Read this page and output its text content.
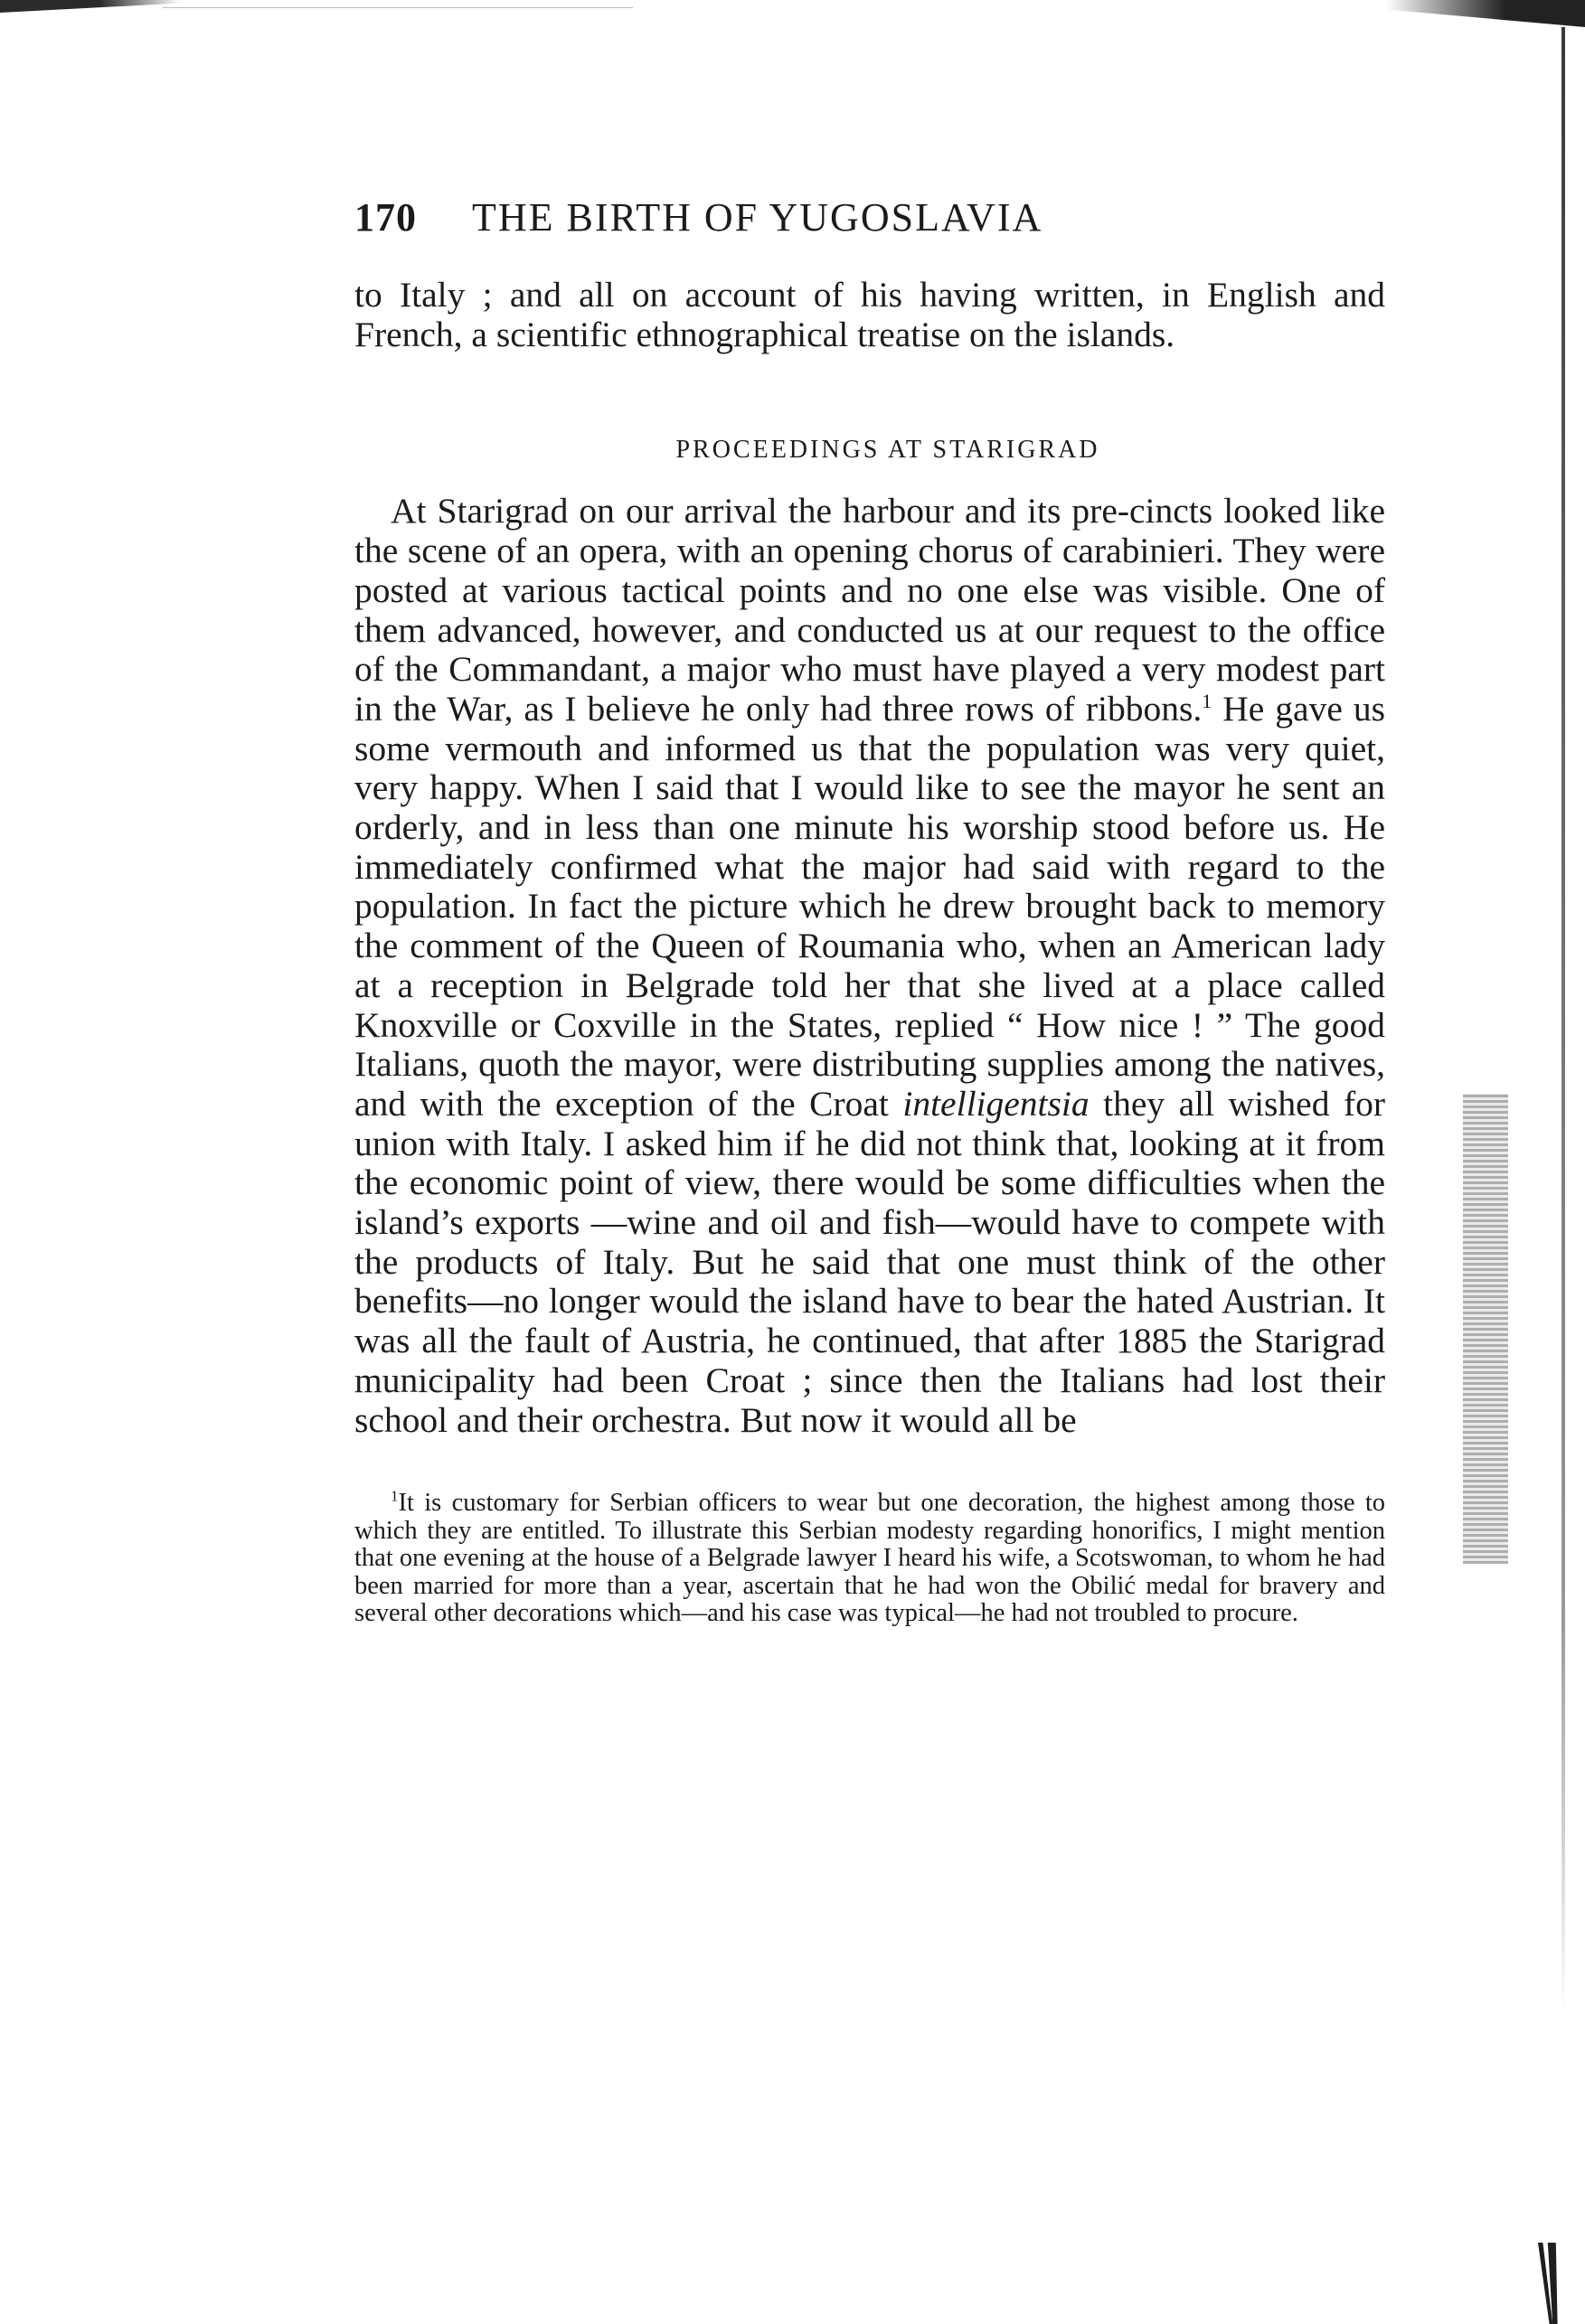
170	THE BIRTH OF YUGOSLAVIA

to Italy ; and all on account of his having written, in English and French, a scientific ethnographical treatise on the islands.

PROCEEDINGS AT STARIGRAD

At Starigrad on our arrival the harbour and its pre-cincts looked like the scene of an opera, with an opening chorus of carabinieri. They were posted at various tactical points and no one else was visible. One of them advanced, however, and conducted us at our request to the office of the Commandant, a major who must have played a very modest part in the War, as I believe he only had three rows of ribbons.$^1$ He gave us some vermouth and informed us that the population was very quiet, very happy. When I said that I would like to see the mayor he sent an orderly, and in less than one minute his worship stood before us. He immediately confirmed what the major had said with regard to the population. In fact the picture which he drew brought back to memory the comment of the Queen of Roumania who, when an American lady at a reception in Belgrade told her that she lived at a place called Knoxville or Coxville in the States, replied “ How nice ! ” The good Italians, quoth the mayor, were distributing supplies among the natives, and with the exception of the Croat intelligentsia they all wished for union with Italy. I asked him if he did not think that, looking at it from the economic point of view, there would be some difficulties when the island’s exports —wine and oil and fish—would have to compete with the products of Italy. But he said that one must think of the other benefits—no longer would the island have to bear the hated Austrian. It was all the fault of Austria, he continued, that after 1885 the Starigrad municipality had been Croat ; since then the Italians had lost their school and their orchestra. But now it would all be

$^1$It is customary for Serbian officers to wear but one decoration, the highest among those to which they are entitled. To illustrate this Serbian modesty regarding honorifics, I might mention that one evening at the house of a Belgrade lawyer I heard his wife, a Scotswoman, to whom he had been married for more than a year, ascertain that he had won the Obilić medal for bravery and several other decorations which—and his case was typical—he had not troubled to procure.
